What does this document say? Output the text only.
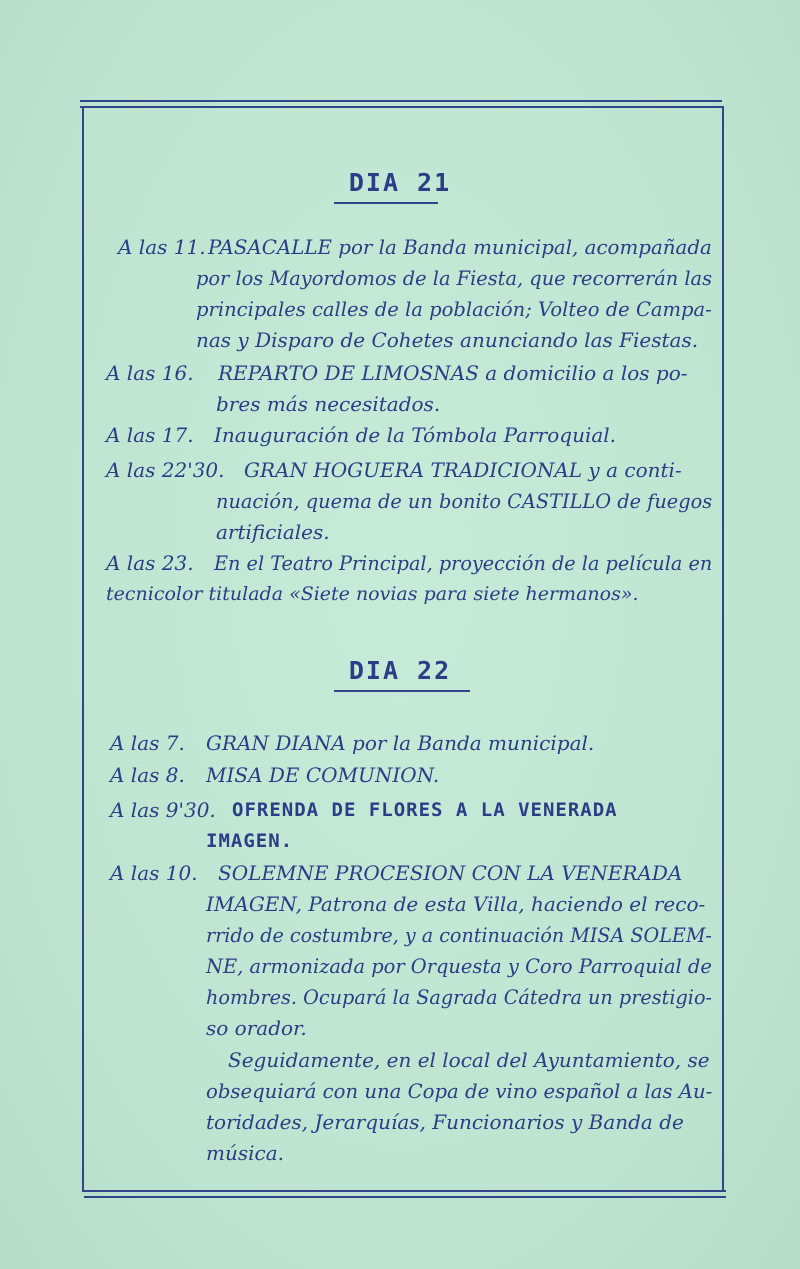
DIA 21
A las 11. PASACALLE por la Banda municipal, acompañada
por los Mayordomos de la Fiesta, que recorrerán las
principales calles de la población; Volteo de Campa-
nas y Disparo de Cohetes anunciando las Fiestas.
A las 16. REPARTO DE LIMOSNAS a domicilio a los po-
bres más necesitados.
A las 17. Inauguración de la Tómbola Parroquial.
A las 22'30. GRAN HOGUERA TRADICIONAL y a conti-
nuación, quema de un bonito CASTILLO de fuegos
artificiales.
A las 23. En el Teatro Principal, proyección de la película en
tecnicolor titulada «Siete novias para siete hermanos».
DIA 22
A las 7. GRAN DIANA por la Banda municipal.
A las 8. MISA DE COMUNION.
A las 9'30. OFRENDA DE FLORES A LA VENERADA
IMAGEN.
A las 10. SOLEMNE PROCESION CON LA VENERADA
IMAGEN, Patrona de esta Villa, haciendo el reco-
rrido de costumbre, y a continuación MISA SOLEM-
NE, armonizada por Orquesta y Coro Parroquial de
hombres. Ocupará la Sagrada Cátedra un prestigio-
so orador.
Seguidamente, en el local del Ayuntamiento, se
obsequiará con una Copa de vino español a las Au-
toridades, Jerarquías, Funcionarios y Banda de
música.
